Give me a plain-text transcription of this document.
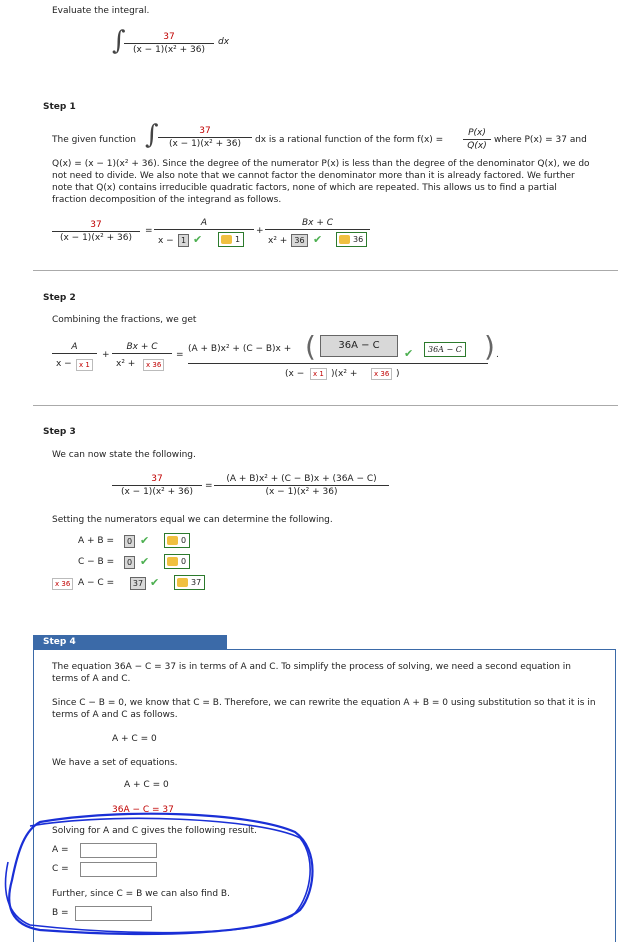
Evaluate the integral.
∫	37
(x − 1)(x² + 36)
dx
Step 1
The given function ∫	37
(x − 1)(x² + 36)	dx is a rational function of the form f(x) =
P(x)
Q(x)
where P(x) = 37 and
Q(x) = (x − 1)(x² + 36). Since the degree of the numerator P(x) is less than the degree of the denominator Q(x), we do not need to divide. We also note that we cannot factor the denominator more than it is already factored. We further note that Q(x) contains irreducible quadratic factors, none of which are repeated. This allows us to find a partial fraction decomposition of the integrand as follows.
37
(x − 1)(x² + 36)
=
A
x − 1 ✔	1
+
Bx + C
x² + 36 ✔	36
Step 2
Combining the fractions, we get
A
x −	x 1
+
Bx + C
x² +	x 36
=
(A + B)x² + (C − B)x + (	36A − C
✔	36A − C ) .
(x −	x 1 )(x² +	x 36 )
Step 3
We can now state the following.
37
(x − 1)(x² + 36)
=
(A + B)x² + (C − B)x + (36A − C)
(x − 1)(x² + 36)
Setting the numerators equal we can determine the following.
A + B =	0 ✔	0
C − B =	0 ✔	0
x 36 A − C =	37 ✔	37
Step 4
The equation 36A − C = 37 is in terms of A and C. To simplify the process of solving, we need a second equation in terms of A and C.
Since C − B = 0, we know that C = B. Therefore, we can rewrite the equation A + B = 0 using substitution so that it is in terms of A and C as follows.
A + C = 0
We have a set of equations.
A + C = 0
36A − C = 37
Solving for A and C gives the following result.
A =
C =
Further, since C = B we can also find B.
B =
